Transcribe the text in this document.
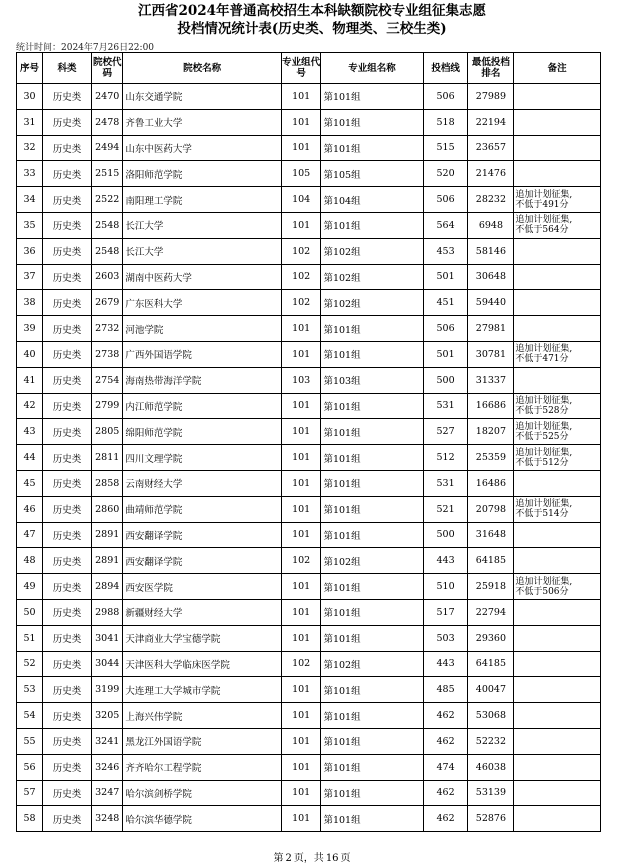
江西省2024年普通高校招生本科缺额院校专业组征集志愿
投档情况统计表(历史类、物理类、三校生类)
统计时间：2024年7月26日22:00
序号	科类	院校代码	院校名称	专业组代号	专业组名称	投档线	最低投档排名	备注
30	历史类	2470	山东交通学院	101	第101组	506	27989	

31	历史类	2478	齐鲁工业大学	101	第101组	518	22194	

32	历史类	2494	山东中医药大学	101	第101组	515	23657	

33	历史类	2515	洛阳师范学院	105	第105组	520	21476	

34	历史类	2522	南阳理工学院	104	第104组	506	28232	追加计划征集,
不低于491分

35	历史类	2548	长江大学	101	第101组	564	6948	追加计划征集,
不低于564分

36	历史类	2548	长江大学	102	第102组	453	58146	

37	历史类	2603	湖南中医药大学	102	第102组	501	30648	

38	历史类	2679	广东医科大学	102	第102组	451	59440	

39	历史类	2732	河池学院	101	第101组	506	27981	

40	历史类	2738	广西外国语学院	101	第101组	501	30781	追加计划征集,
不低于471分

41	历史类	2754	海南热带海洋学院	103	第103组	500	31337	

42	历史类	2799	内江师范学院	101	第101组	531	16686	追加计划征集,
不低于528分

43	历史类	2805	绵阳师范学院	101	第101组	527	18207	追加计划征集,
不低于525分

44	历史类	2811	四川文理学院	101	第101组	512	25359	追加计划征集,
不低于512分

45	历史类	2858	云南财经大学	101	第101组	531	16486	

46	历史类	2860	曲靖师范学院	101	第101组	521	20798	追加计划征集,
不低于514分

47	历史类	2891	西安翻译学院	101	第101组	500	31648	

48	历史类	2891	西安翻译学院	102	第102组	443	64185	

49	历史类	2894	西安医学院	101	第101组	510	25918	追加计划征集,
不低于506分

50	历史类	2988	新疆财经大学	101	第101组	517	22794	

51	历史类	3041	天津商业大学宝德学院	101	第101组	503	29360	

52	历史类	3044	天津医科大学临床医学院	102	第102组	443	64185	

53	历史类	3199	大连理工大学城市学院	101	第101组	485	40047	

54	历史类	3205	上海兴伟学院	101	第101组	462	53068	

55	历史类	3241	黑龙江外国语学院	101	第101组	462	52232	

56	历史类	3246	齐齐哈尔工程学院	101	第101组	474	46038	

57	历史类	3247	哈尔滨剑桥学院	101	第101组	462	53139	

58	历史类	3248	哈尔滨华德学院	101	第101组	462	52876	
第 2 页，共 16 页
